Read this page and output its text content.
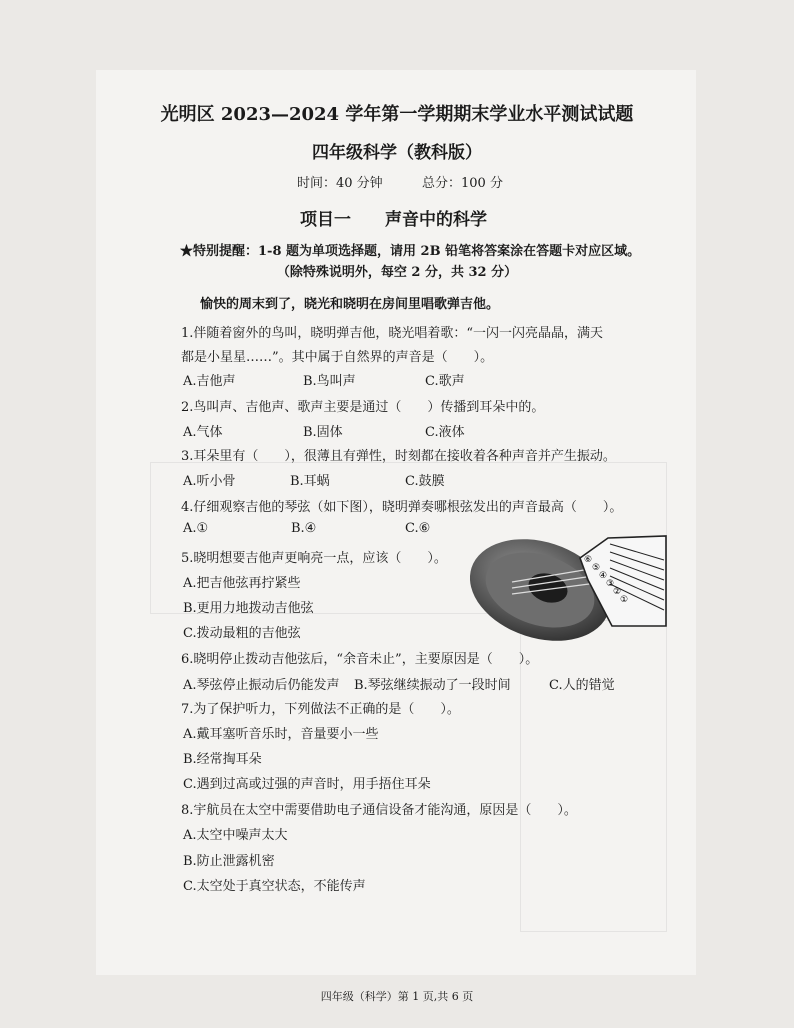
光明区 2023—2024 学年第一学期期末学业水平测试试题
四年级科学（教科版）
时间：40 分钟	总分：100 分
项目一　　声音中的科学
★特别提醒：1-8 题为单项选择题，请用 2B 铅笔将答案涂在答题卡对应区域。
（除特殊说明外，每空 2 分，共 32 分）
愉快的周末到了，晓光和晓明在房间里唱歌弹吉他。
1.伴随着窗外的鸟叫，晓明弹吉他，晓光唱着歌：“一闪一闪亮晶晶，满天
都是小星星……”。其中属于自然界的声音是（　　）。
A.吉他声	B.鸟叫声	C.歌声
2.鸟叫声、吉他声、歌声主要是通过（　　）传播到耳朵中的。
A.气体	B.固体	C.液体
3.耳朵里有（　　），很薄且有弹性，时刻都在接收着各种声音并产生振动。
A.听小骨	B.耳蜗	C.鼓膜
4.仔细观察吉他的琴弦（如下图），晓明弹奏哪根弦发出的声音最高（　　）。
A.①	B.④	C.⑥
5.晓明想要吉他声更响亮一点，应该（　　）。
A.把吉他弦再拧紧些
B.更用力地拨动吉他弦
C.拨动最粗的吉他弦
6.晓明停止拨动吉他弦后，“余音未止”，主要原因是（　　）。
A.琴弦停止振动后仍能发声 B.琴弦继续振动了一段时间	C.人的错觉
7.为了保护听力，下列做法不正确的是（　　）。
A.戴耳塞听音乐时，音量要小一些
B.经常掏耳朵
C.遇到过高或过强的声音时，用手捂住耳朵
8.宇航员在太空中需要借助电子通信设备才能沟通，原因是（　　）。
A.太空中噪声太大
B.防止泄露机密
C.太空处于真空状态，不能传声
⑥
⑤
④
③
②
①
四年级（科学）第 1 页,共 6 页
